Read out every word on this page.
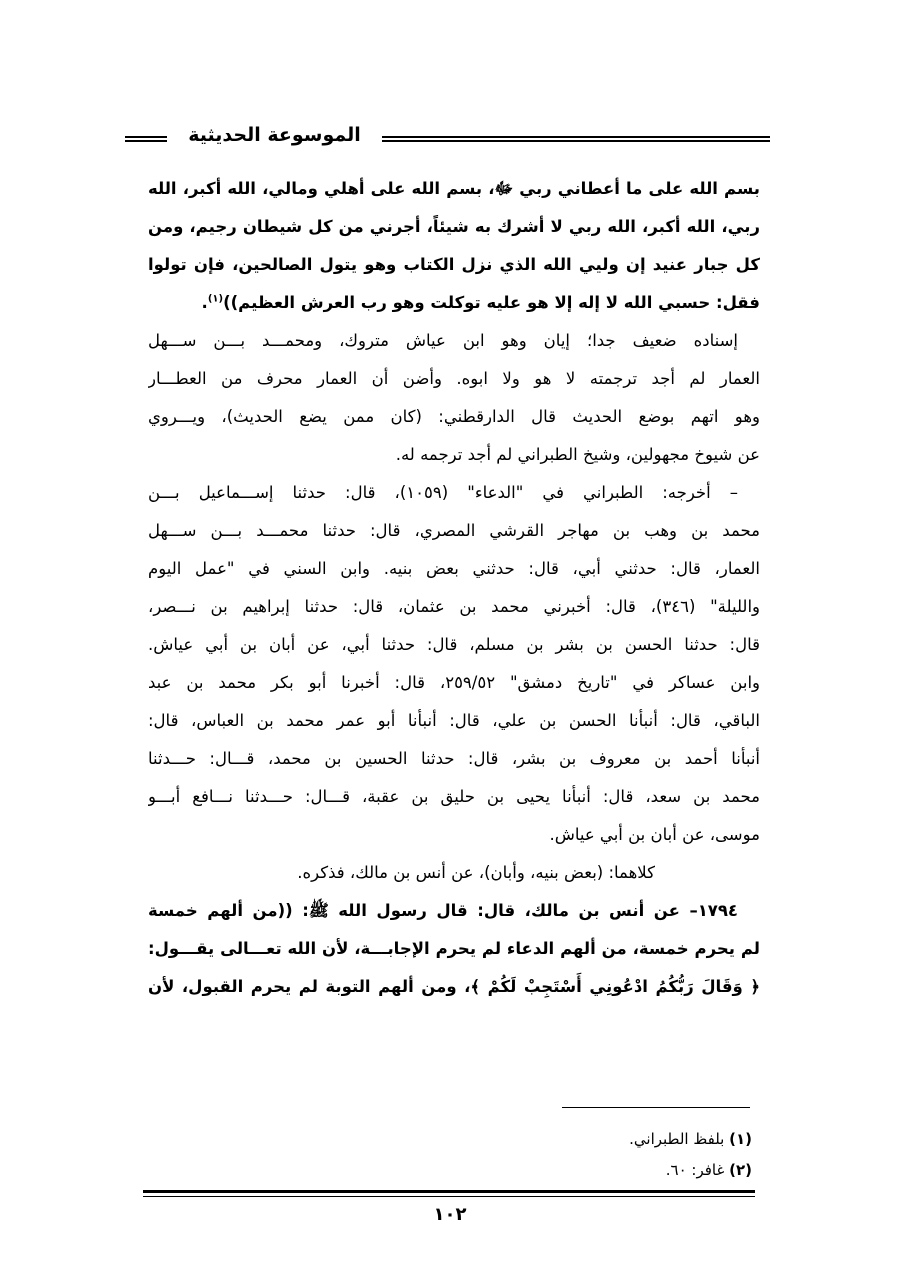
الموسوعة الحديثية
بسم الله على ما أعطاني ربي ﷻ، بسم الله على أهلي ومالي، الله أكبر، الله
ربي، الله أكبر، الله ربي لا أشرك به شيئاً، أجرني من كل شيطان رجيم، ومن
كل جبار عنيد إن وليي الله الذي نزل الكتاب وهو يتول الصالحين، فإن تولوا
فقل: حسبي الله لا إله إلا هو عليه توكلت وهو رب العرش العظيم))$^{(١)}$.
إسناده ضعيف جدا؛ إيان وهو ابن عياش متروك، ومحمـــد بـــن ســـهل
العمار لم أجد ترجمته لا هو ولا ابوه. وأضن أن العمار محرف من العطـــار
وهو اتهم بوضع الحديث قال الدارقطني: (كان ممن يضع الحديث)، ويـــروي
عن شيوخ مجهولين، وشيخ الطبراني لم أجد ترجمه له.
– أخرجه: الطبراني في "الدعاء" (١٠٥٩)، قال: حدثنا إســـماعيل بـــن
محمد بن وهب بن مهاجر القرشي المصري، قال: حدثنا محمـــد بـــن ســـهل
العمار، قال: حدثني أبي، قال: حدثني بعض بنيه. وابن السني في "عمل اليوم
والليلة" (٣٤٦)، قال: أخبرني محمد بن عثمان، قال: حدثنا إبراهيم بن نـــصر،
قال: حدثنا الحسن بن بشر بن مسلم، قال: حدثنا أبي، عن أبان بن أبي عياش.
وابن عساكر في "تاريخ دمشق" ٢٥٩/٥٢، قال: أخبرنا أبو بكر محمد بن عبد
الباقي، قال: أنبأنا الحسن بن علي، قال: أنبأنا أبو عمر محمد بن العباس، قال:
أنبأنا أحمد بن معروف بن بشر، قال: حدثنا الحسين بن محمد، قـــال: حـــدثنا
محمد بن سعد، قال: أنبأنا يحيى بن حليق بن عقبة، قـــال: حـــدثنا نـــافع أبـــو
موسى، عن أبان بن أبي عياش.
كلاهما: (بعض بنيه، وأبان)، عن أنس بن مالك، فذكره.
١٧٩٤– عن أنس بن مالك، قال: قال رسول الله ﷺ: ((من ألهم خمسة
لم يحرم خمسة، من ألهم الدعاء لم يحرم الإجابـــة، لأن الله تعـــالى يقـــول:
﴿ وَقَالَ رَبُّكُمُ ادْعُونِي أَسْتَجِبْ لَكُمْ ﴾، ومن ألهم التوبة لم يحرم القبول، لأن
(١) بلفظ الطبراني.
(٢) غافر: ٦٠.
١٠٢
